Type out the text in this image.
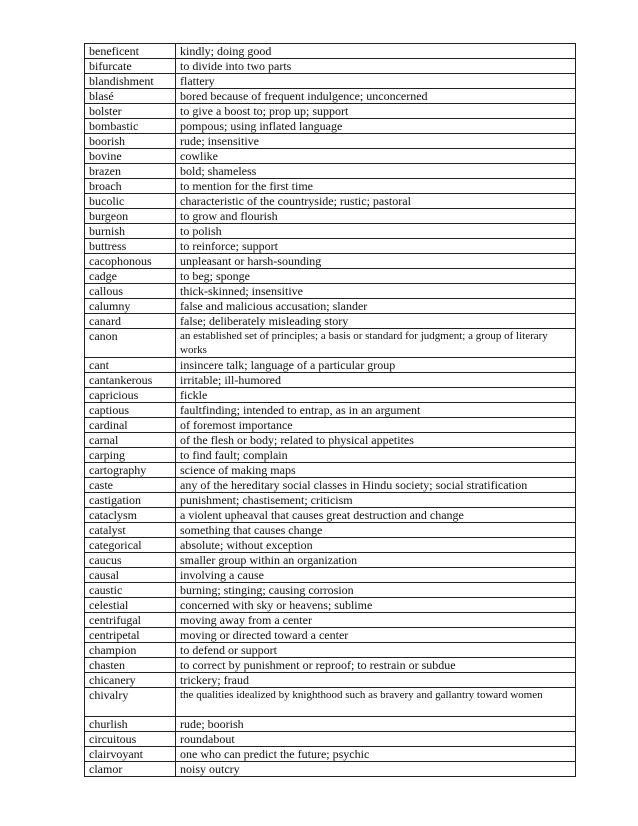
beneficent	kindly; doing good
bifurcate	to divide into two parts
blandishment	flattery
blasé	bored because of frequent indulgence; unconcerned
bolster	to give a boost to; prop up; support
bombastic	pompous; using inflated language
boorish	rude; insensitive
bovine	cowlike
brazen	bold; shameless
broach	to mention for the first time
bucolic	characteristic of the countryside; rustic; pastoral
burgeon	to grow and flourish
burnish	to polish
buttress	to reinforce; support
cacophonous	unpleasant or harsh-sounding
cadge	to beg; sponge
callous	thick-skinned; insensitive
calumny	false and malicious accusation; slander
canard	false; deliberately misleading story
canon	an established set of principles; a basis or standard for judgment; a group of literary works
cant	insincere talk; language of a particular group
cantankerous	irritable; ill-humored
capricious	fickle
captious	faultfinding; intended to entrap, as in an argument
cardinal	of foremost importance
carnal	of the flesh or body; related to physical appetites
carping	to find fault; complain
cartography	science of making maps
caste	any of the hereditary social classes in Hindu society; social stratification
castigation	punishment; chastisement; criticism
cataclysm	a violent upheaval that causes great destruction and change
catalyst	something that causes change
categorical	absolute; without exception
caucus	smaller group within an organization
causal	involving a cause
caustic	burning; stinging; causing corrosion
celestial	concerned with sky or heavens; sublime
centrifugal	moving away from a center
centripetal	moving or directed toward a center
champion	to defend or support
chasten	to correct by punishment or reproof; to restrain or subdue
chicanery	trickery; fraud
chivalry	the qualities idealized by knighthood such as bravery and gallantry toward women
churlish	rude; boorish
circuitous	roundabout
clairvoyant	one who can predict the future; psychic
clamor	noisy outcry
